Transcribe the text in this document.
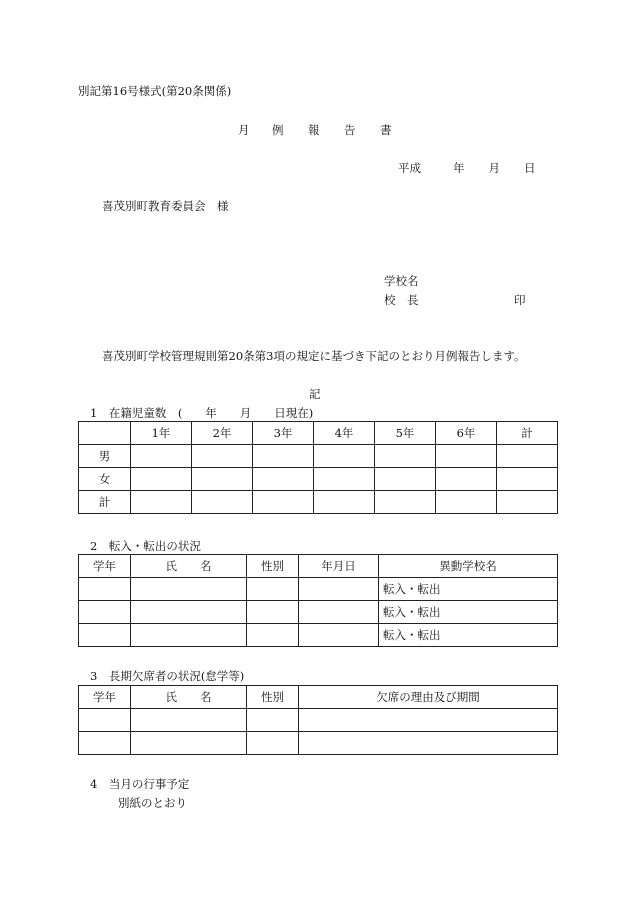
別記第16号様式(第20条関係)
月	例	報	告	書
平成	年 月 日
喜茂別町教育委員会　様
学校名
校　長	印
喜茂別町学校管理規則第20条第3項の規定に基づき下記のとおり月例報告します。
記
1　在籍児童数　(　　年　　月　　日現在)
	1年	2年	3年	4年	5年	6年	計
男							
女							
計							
2　転入・転出の状況
学年	氏　　名	性別	年月日	異動学校名
				転入・転出
				転入・転出
				転入・転出
3　長期欠席者の状況(怠学等)
学年	氏　　名	性別	欠席の理由及び期間

4　当月の行事予定
別紙のとおり
